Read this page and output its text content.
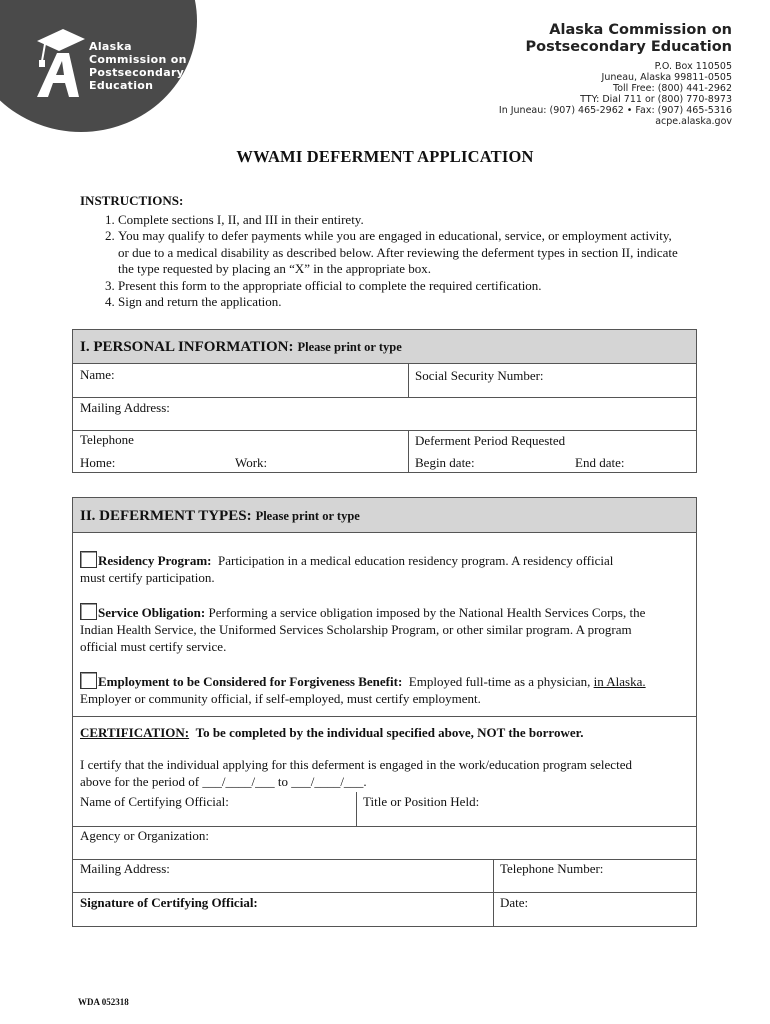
Alaska
Commission on
Postsecondary
Education
Alaska Commission on
Postsecondary Education
P.O. Box 110505
Juneau, Alaska 99811-0505
Toll Free: (800) 441-2962
TTY: Dial 711 or (800) 770-8973
In Juneau: (907) 465-2962 • Fax: (907) 465-5316
acpe.alaska.gov
WWAMI DEFERMENT APPLICATION
INSTRUCTIONS:
1. Complete sections I, II, and III in their entirety.
2. You may qualify to defer payments while you are engaged in educational, service, or employment activity, or due to a medical disability as described below. After reviewing the deferment types in section II, indicate the type requested by placing an “X” in the appropriate box.
3. Present this form to the appropriate official to complete the required certification.
4. Sign and return the application.
I. PERSONAL INFORMATION: Please print or type
Name:	Social Security Number:
Mailing Address:
Telephone
Home:	Work:
Deferment Period Requested
Begin date:	End date:
II. DEFERMENT TYPES: Please print or type
Residency Program: Participation in a medical education residency program. A residency official
must certify participation.
Service Obligation: Performing a service obligation imposed by the National Health Services Corps, the
Indian Health Service, the Uniformed Services Scholarship Program, or other similar program. A program
official must certify service.
Employment to be Considered for Forgiveness Benefit: Employed full-time as a physician, in Alaska.
Employer or community official, if self-employed, must certify employment.
CERTIFICATION: To be completed by the individual specified above, NOT the borrower.
I certify that the individual applying for this deferment is engaged in the work/education program selected
above for the period of ___/____/___ to ___/____/___.
Name of Certifying Official:	Title or Position Held:
Agency or Organization:
Mailing Address:	Telephone Number:
Signature of Certifying Official:	Date:
WDA 052318
